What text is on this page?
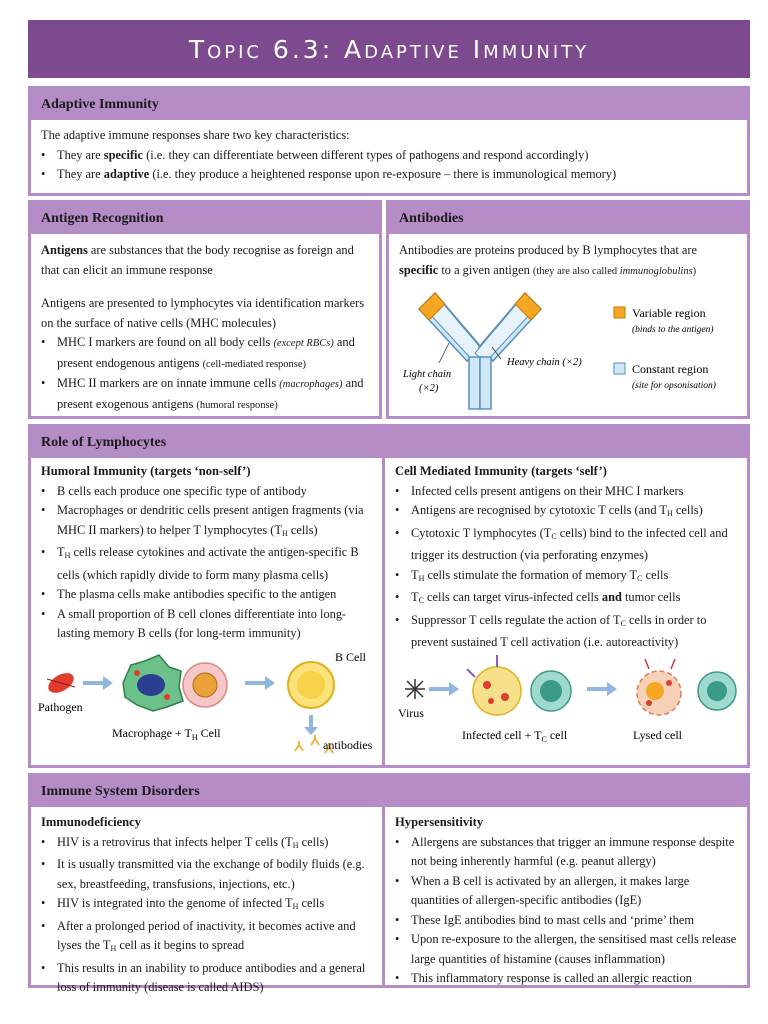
Topic 6.3: Adaptive Immunity
Adaptive Immunity

The adaptive immune responses share two key characteristics:

• They are specific (i.e. they can differentiate between different types of pathogens and respond accordingly)
• They are adaptive (i.e. they produce a heightened response upon re-exposure – there is immunological memory)
Antigen Recognition

Antigens are substances that the body recognise as foreign and that can elicit an immune response

Antigens are presented to lymphocytes via identification markers on the surface of native cells (MHC molecules)

• MHC I markers are found on all body cells (except RBCs) and present endogenous antigens (cell-mediated response)
• MHC II markers are on innate immune cells (macrophages) and present exogenous antigens (humoral response)
Antibodies

Antibodies are proteins produced by B lymphocytes that are specific to a given antigen (they are also called immunoglobulins)

Light chain
(×2)
Heavy chain (×2)
Variable region
(binds to the antigen)
Constant region
(site for opsonisation)
Role of Lymphocytes
Humoral Immunity (targets ‘non-self’)
• B cells each produce one specific type of antibody
• Macrophages or dendritic cells present antigen fragments (via MHC II markers) to helper T lymphocytes ($T_H$ cells)
• $T_H$ cells release cytokines and activate the antigen-specific B cells (which rapidly divide to form many plasma cells)
• The plasma cells make antibodies specific to the antigen
• A small proportion of B cell clones differentiate into long-lasting memory B cells (for long-term immunity)
Cell Mediated Immunity (targets ‘self’)
• Infected cells present antigens on their MHC I markers
• Antigens are recognised by cytotoxic T cells (and $T_H$ cells)
• Cytotoxic T lymphocytes ($T_C$ cells) bind to the infected cell and trigger its destruction (via perforating enzymes)
• $T_H$ cells stimulate the formation of memory $T_C$ cells
• $T_C$ cells can target virus-infected cells and tumor cells
• Suppressor T cells regulate the action of $T_C$ cells in order to prevent sustained T cell activation (i.e. autoreactivity)
Pathogen
Macrophage + $T_H$ Cell
B Cell
antibodies
Virus
Infected cell + $T_C$ cell	Lysed cell
Immune System Disorders
Immunodeficiency
• HIV is a retrovirus that infects helper T cells ($T_H$ cells)
• It is usually transmitted via the exchange of bodily fluids (e.g. sex, breastfeeding, transfusions, injections, etc.)
• HIV is integrated into the genome of infected $T_H$ cells
• After a prolonged period of inactivity, it becomes active and lyses the $T_H$ cell as it begins to spread
• This results in an inability to produce antibodies and a general loss of immunity (disease is called AIDS)
Hypersensitivity
• Allergens are substances that trigger an immune response despite not being inherently harmful (e.g. peanut allergy)
• When a B cell is activated by an allergen, it makes large quantities of allergen-specific antibodies (IgE)
• These IgE antibodies bind to mast cells and ‘prime’ them
• Upon re-exposure to the allergen, the sensitised mast cells release large quantities of histamine (causes inflammation)
• This inflammatory response is called an allergic reaction
